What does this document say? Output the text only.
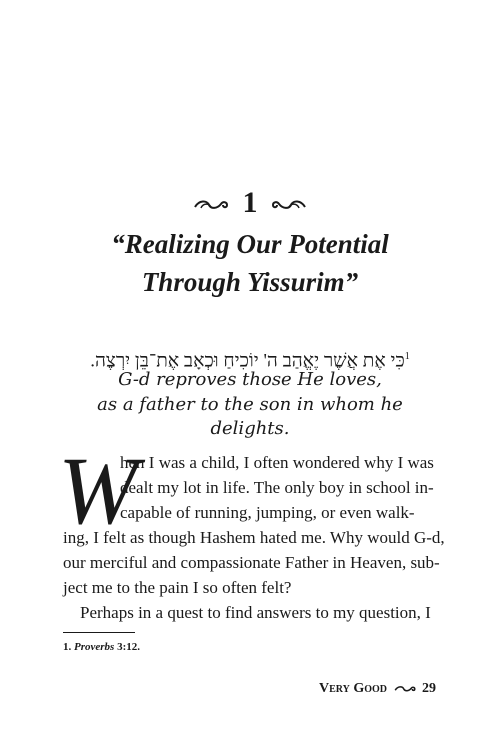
1
“Realizing Our Potential
Through Yissurim”
$^1$כִּי אֶת אֲשֶׁר יֶאֱהַב ה' יוֹכִיחַ וּכְאָב אֶת־בֵּן יִרְצֶה.
G-d reproves those He loves,
as a father to the son in whom he delights.
W
hen I was a child, I often wondered why I was
dealt my lot in life. The only boy in school in-
capable of running, jumping, or even walk-
ing, I felt as though Hashem hated me. Why would G-d,
our merciful and compassionate Father in Heaven, sub-
ject me to the pain I so often felt?
Perhaps in a quest to find answers to my question, I
1. Proverbs 3:12.
Very Good	29
